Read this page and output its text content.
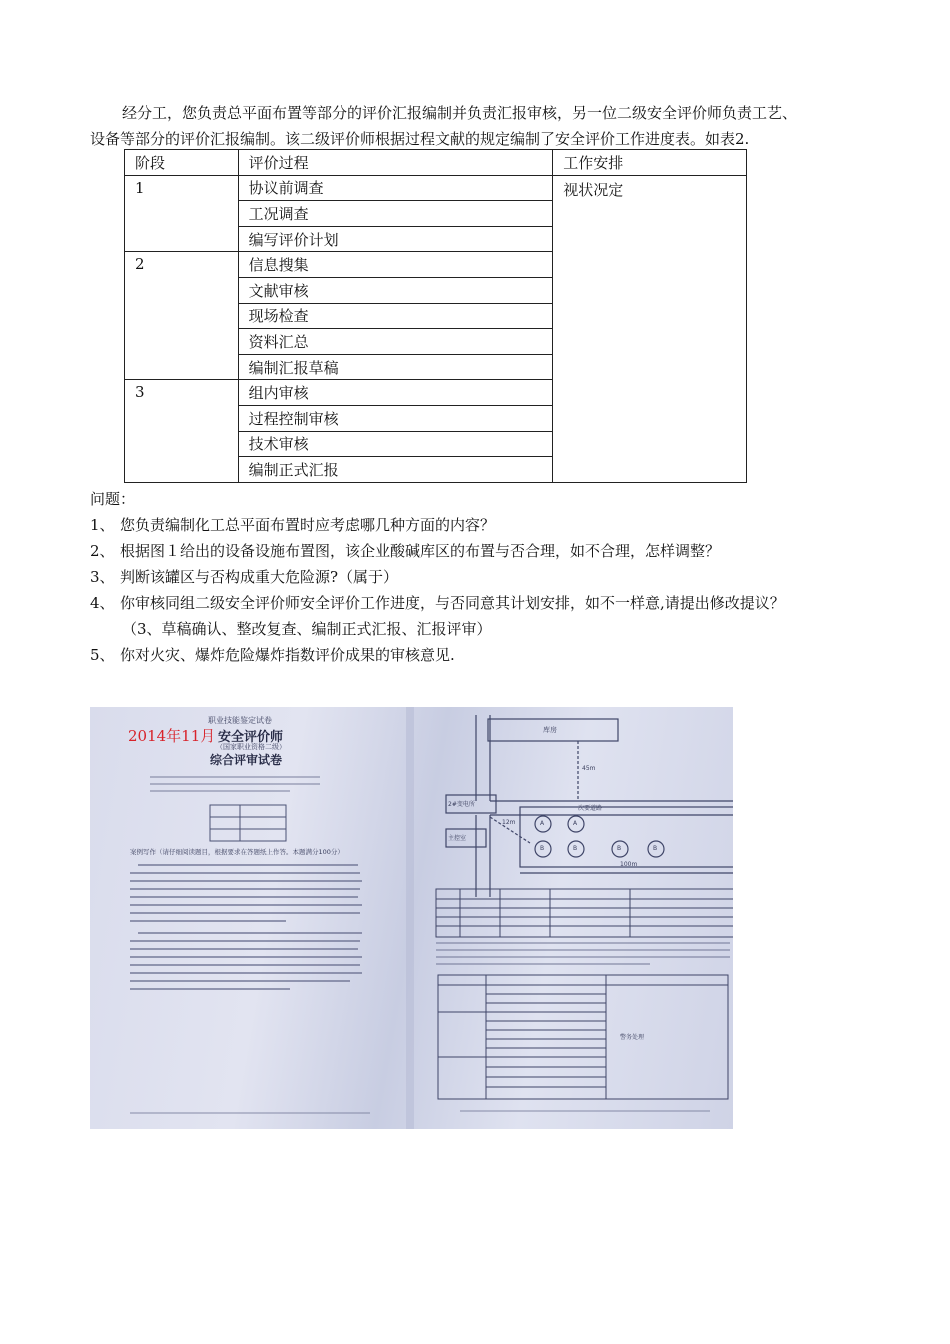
经分工，您负责总平面布置等部分的评价汇报编制并负责汇报审核，另一位二级安全评价师负责工艺、
设备等部分的评价汇报编制。该二级评价师根据过程文献的规定编制了安全评价工作进度表。如表2.
阶段	评价过程	工作安排
1	协议前调查	视状况定
	工况调查	
	编写评价计划	
2	信息搜集	
	文献审核	
	现场检查	
	资料汇总	
	编制汇报草稿	
3	组内审核	
	过程控制审核	
	技术审核	
	编制正式汇报	
问题：
1、 您负责编制化工总平面布置时应考虑哪几种方面的内容？
2、 根据图１给出的设备设施布置图，该企业酸碱库区的布置与否合理，如不合理，怎样调整？
3、 判断该罐区与否构成重大危险源?（属于）
4、 你审核同组二级安全评价师安全评价工作进度，与否同意其计划安排，如不一样意,请提出修改提议？
（3、草稿确认、整改复查、编制正式汇报、汇报评审）
5、 你对火灾、爆炸危险爆炸指数评价成果的审核意见.
2014年11月
职业技能鉴定试卷
安全评价师
（国家职业资格二级）
综合评审试卷
案例写作（请仔细阅读题目，根据要求在答题纸上作答。本题满分100分）
库房
45m
次要道路
2#变电所
12m
主控室
100m
A	A
B	B	B	B
警务处理
